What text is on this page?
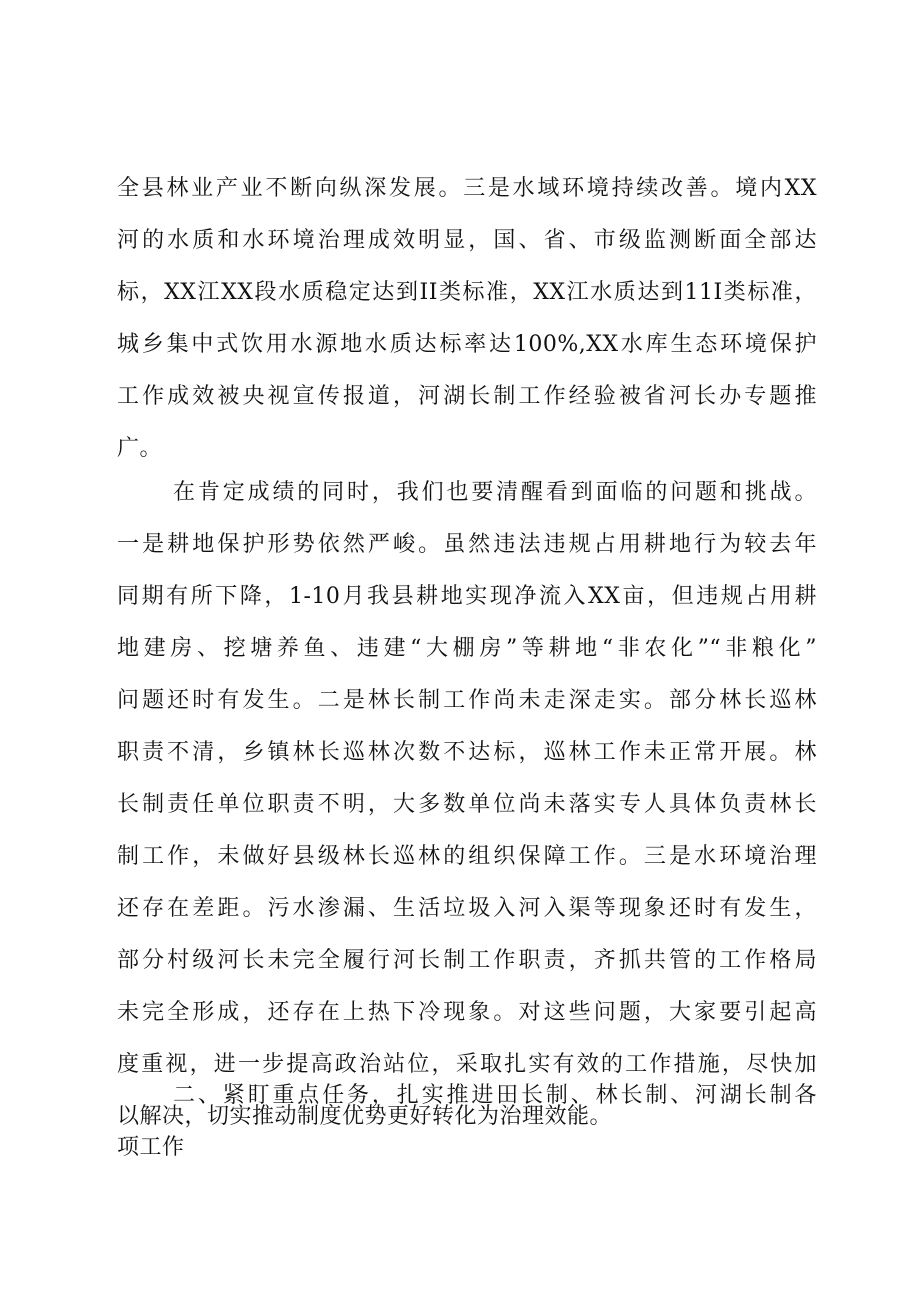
全县林业产业不断向纵深发展。三是水域环境持续改善。境内XX
河的水质和水环境治理成效明显，国、省、市级监测断面全部达
标，XX江XX段水质稳定达到II类标准，XX江水质达到11I类标准，
城乡集中式饮用水源地水质达标率达100%,XX水库生态环境保护
工作成效被央视宣传报道，河湖长制工作经验被省河长办专题推
广。
在肯定成绩的同时，我们也要清醒看到面临的问题和挑战。
一是耕地保护形势依然严峻。虽然违法违规占用耕地行为较去年
同期有所下降，1-10月我县耕地实现净流入XX亩，但违规占用耕
地建房、挖塘养鱼、违建“大棚房”等耕地“非农化”“非粮化”
问题还时有发生。二是林长制工作尚未走深走实。部分林长巡林
职责不清，乡镇林长巡林次数不达标，巡林工作未正常开展。林
长制责任单位职责不明，大多数单位尚未落实专人具体负责林长
制工作，未做好县级林长巡林的组织保障工作。三是水环境治理
还存在差距。污水渗漏、生活垃圾入河入渠等现象还时有发生，
部分村级河长未完全履行河长制工作职责，齐抓共管的工作格局
未完全形成，还存在上热下冷现象。对这些问题，大家要引起高
度重视，进一步提高政治站位，采取扎实有效的工作措施，尽快加
以解决，切实推动制度优势更好转化为治理效能。
二、紧盯重点任务，扎实推进田长制、林长制、河湖长制各
项工作
